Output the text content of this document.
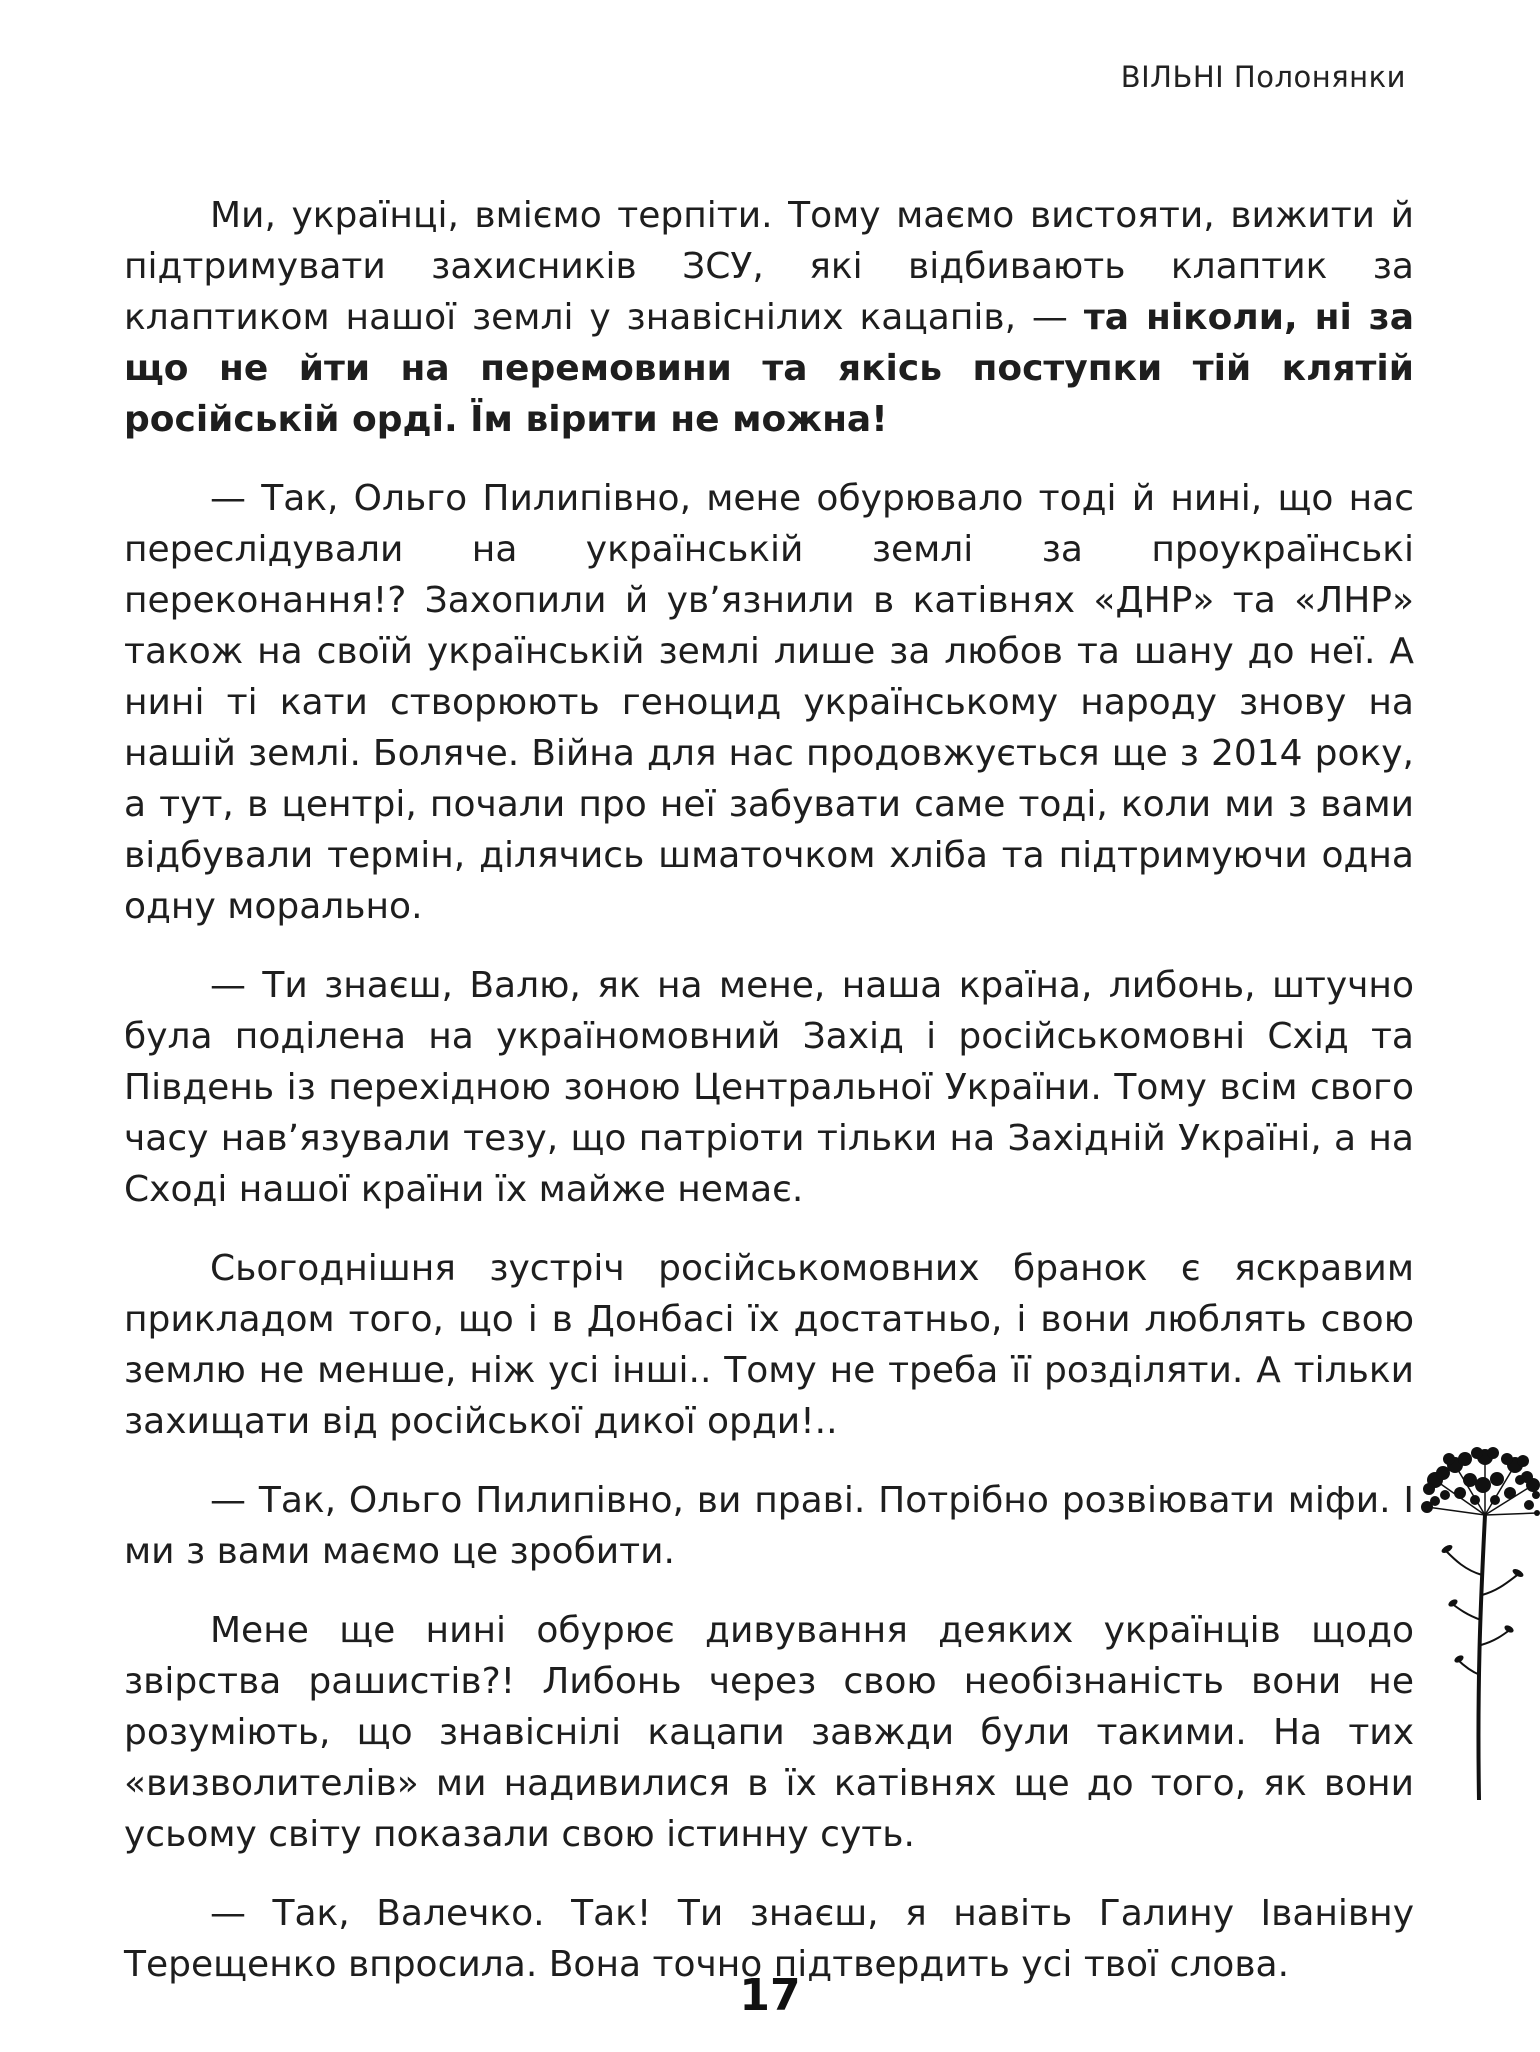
ВІЛЬНІ Полонянки

Ми, українці, вміємо терпіти. Тому маємо вистояти, вижити й підтримувати захисників ЗСУ, які відбивають клаптик за клаптиком нашої землі у знавіснілих кацапів, — та ніколи, ні за що не йти на перемовини та якісь поступки тій клятій російській орді. Їм вірити не можна!

— Так, Ольго Пилипівно, мене обурювало тоді й нині, що нас переслідували на українській землі за проукраїнські переконання!? Захопили й ув’язнили в катівнях «ДНР» та «ЛНР» також на своїй українській землі лише за любов та шану до неї. А нині ті кати створюють геноцид українському народу знову на нашій землі. Боляче. Війна для нас продовжується ще з 2014 року, а тут, в центрі, почали про неї забувати саме тоді, коли ми з вами відбували термін, ділячись шматочком хліба та підтримуючи одна одну морально.

— Ти знаєш, Валю, як на мене, наша країна, либонь, штучно була поділена на україномовний Захід і російськомовні Схід та Південь із перехідною зоною Центральної України. Тому всім свого часу нав’язували тезу, що патріоти тільки на Західній Україні, а на Сході нашої країни їх майже немає.

Сьогоднішня зустріч російськомовних бранок є яскравим прикладом того, що і в Донбасі їх достатньо, і вони люблять свою землю не менше, ніж усі інші.. Тому не треба її розділяти. А тільки захищати від російської дикої орди!..

— Так, Ольго Пилипівно, ви праві. Потрібно розвіювати міфи. І ми з вами маємо це зробити.

Мене ще нині обурює дивування деяких українців щодо звірства рашистів?! Либонь через свою необізнаність вони не розуміють, що знавіснілі кацапи завжди були такими. На тих «визволителів» ми надивилися в їх катівнях ще до того, як вони усьому світу показали свою істинну суть.

— Так, Валечко. Так! Ти знаєш, я навіть Галину Іванівну Терещенко впросила. Вона точно підтвердить усі твої слова.

17
